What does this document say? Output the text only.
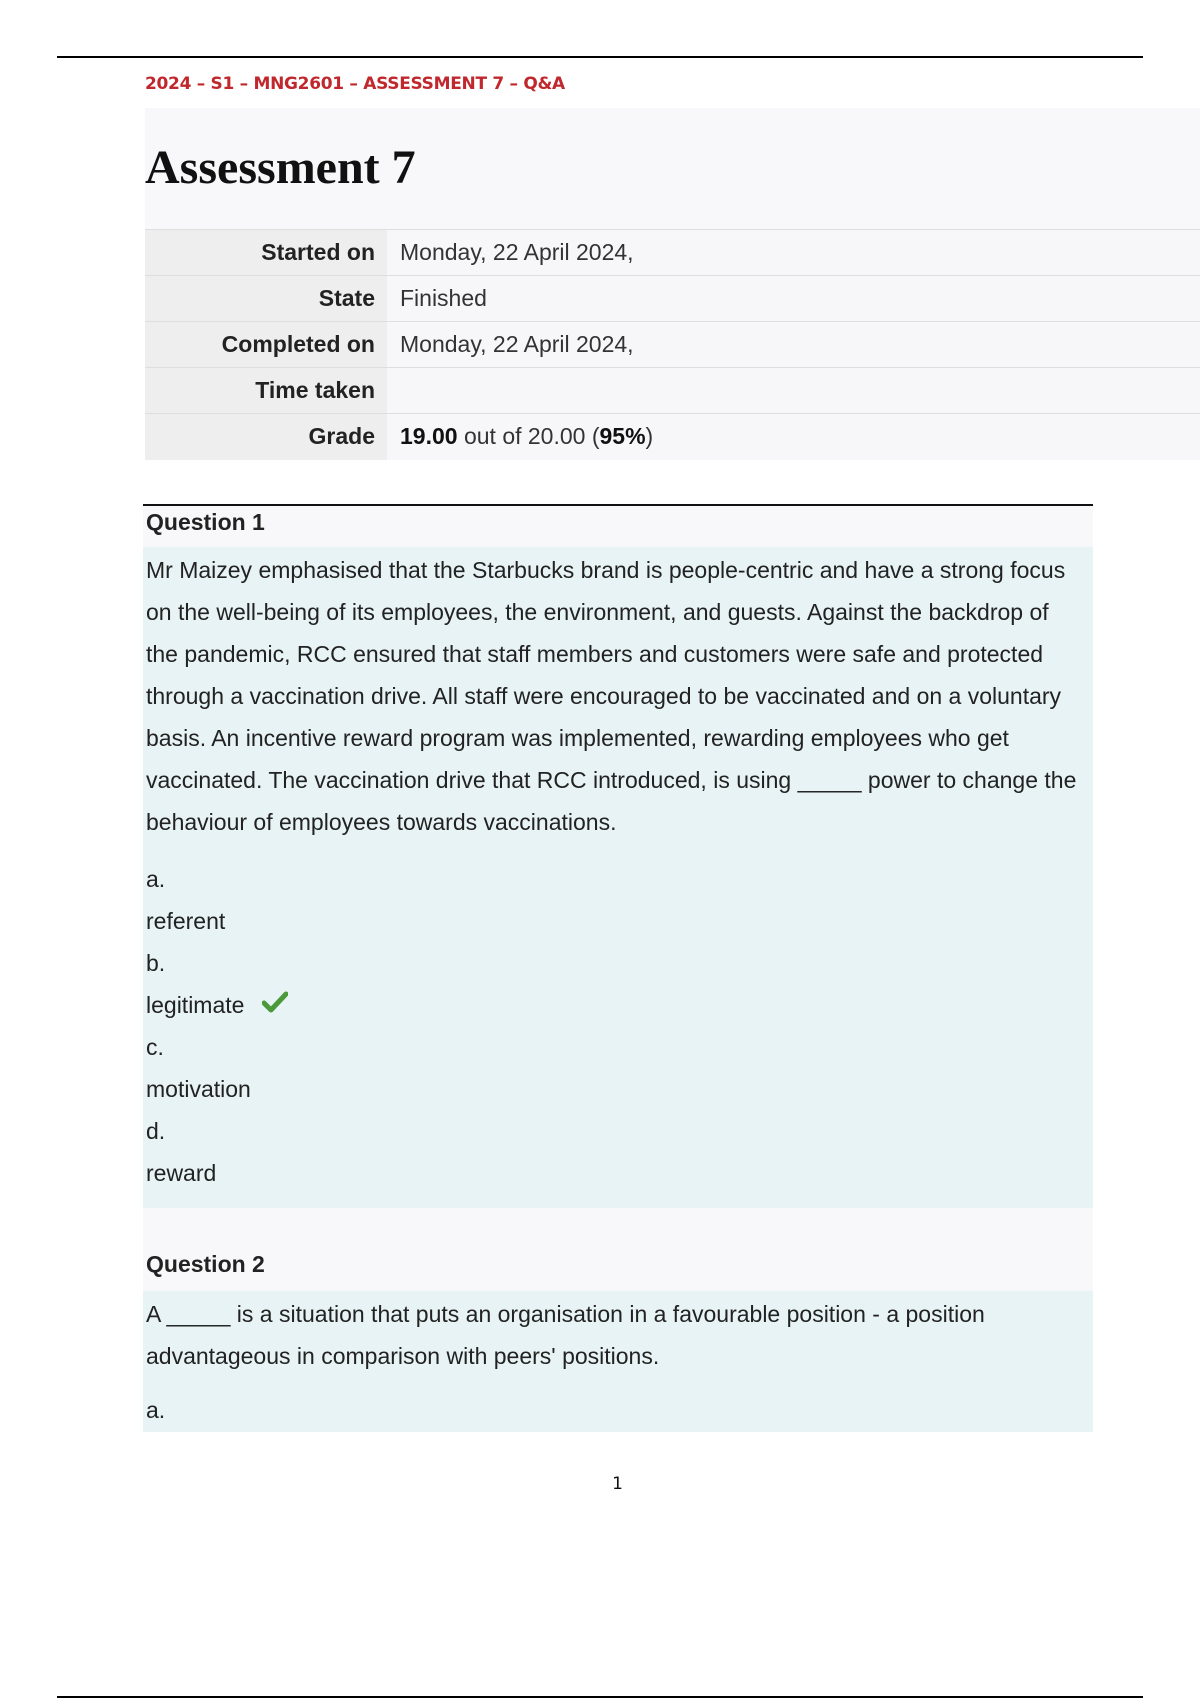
2024 – S1 – MNG2601 – ASSESSMENT 7 – Q&A
Assessment 7
Started on	Monday, 22 April 2024,
State	Finished
Completed on	Monday, 22 April 2024,
Time taken	
Grade	19.00 out of 20.00 (95%)
Question 1

Mr Maizey emphasised that the Starbucks brand is people-centric and have a strong focus on the well-being of its employees, the environment, and guests. Against the backdrop of the pandemic, RCC ensured that staff members and customers were safe and protected through a vaccination drive. All staff were encouraged to be vaccinated and on a voluntary basis. An incentive reward program was implemented, rewarding employees who get vaccinated. The vaccination drive that RCC introduced, is using _____ power to change the behaviour of employees towards vaccinations.

a.
referent
b.
legitimate
c.
motivation
d.
reward
Question 2

A _____ is a situation that puts an organisation in a favourable position - a position advantageous in comparison with peers' positions.

a.
1
